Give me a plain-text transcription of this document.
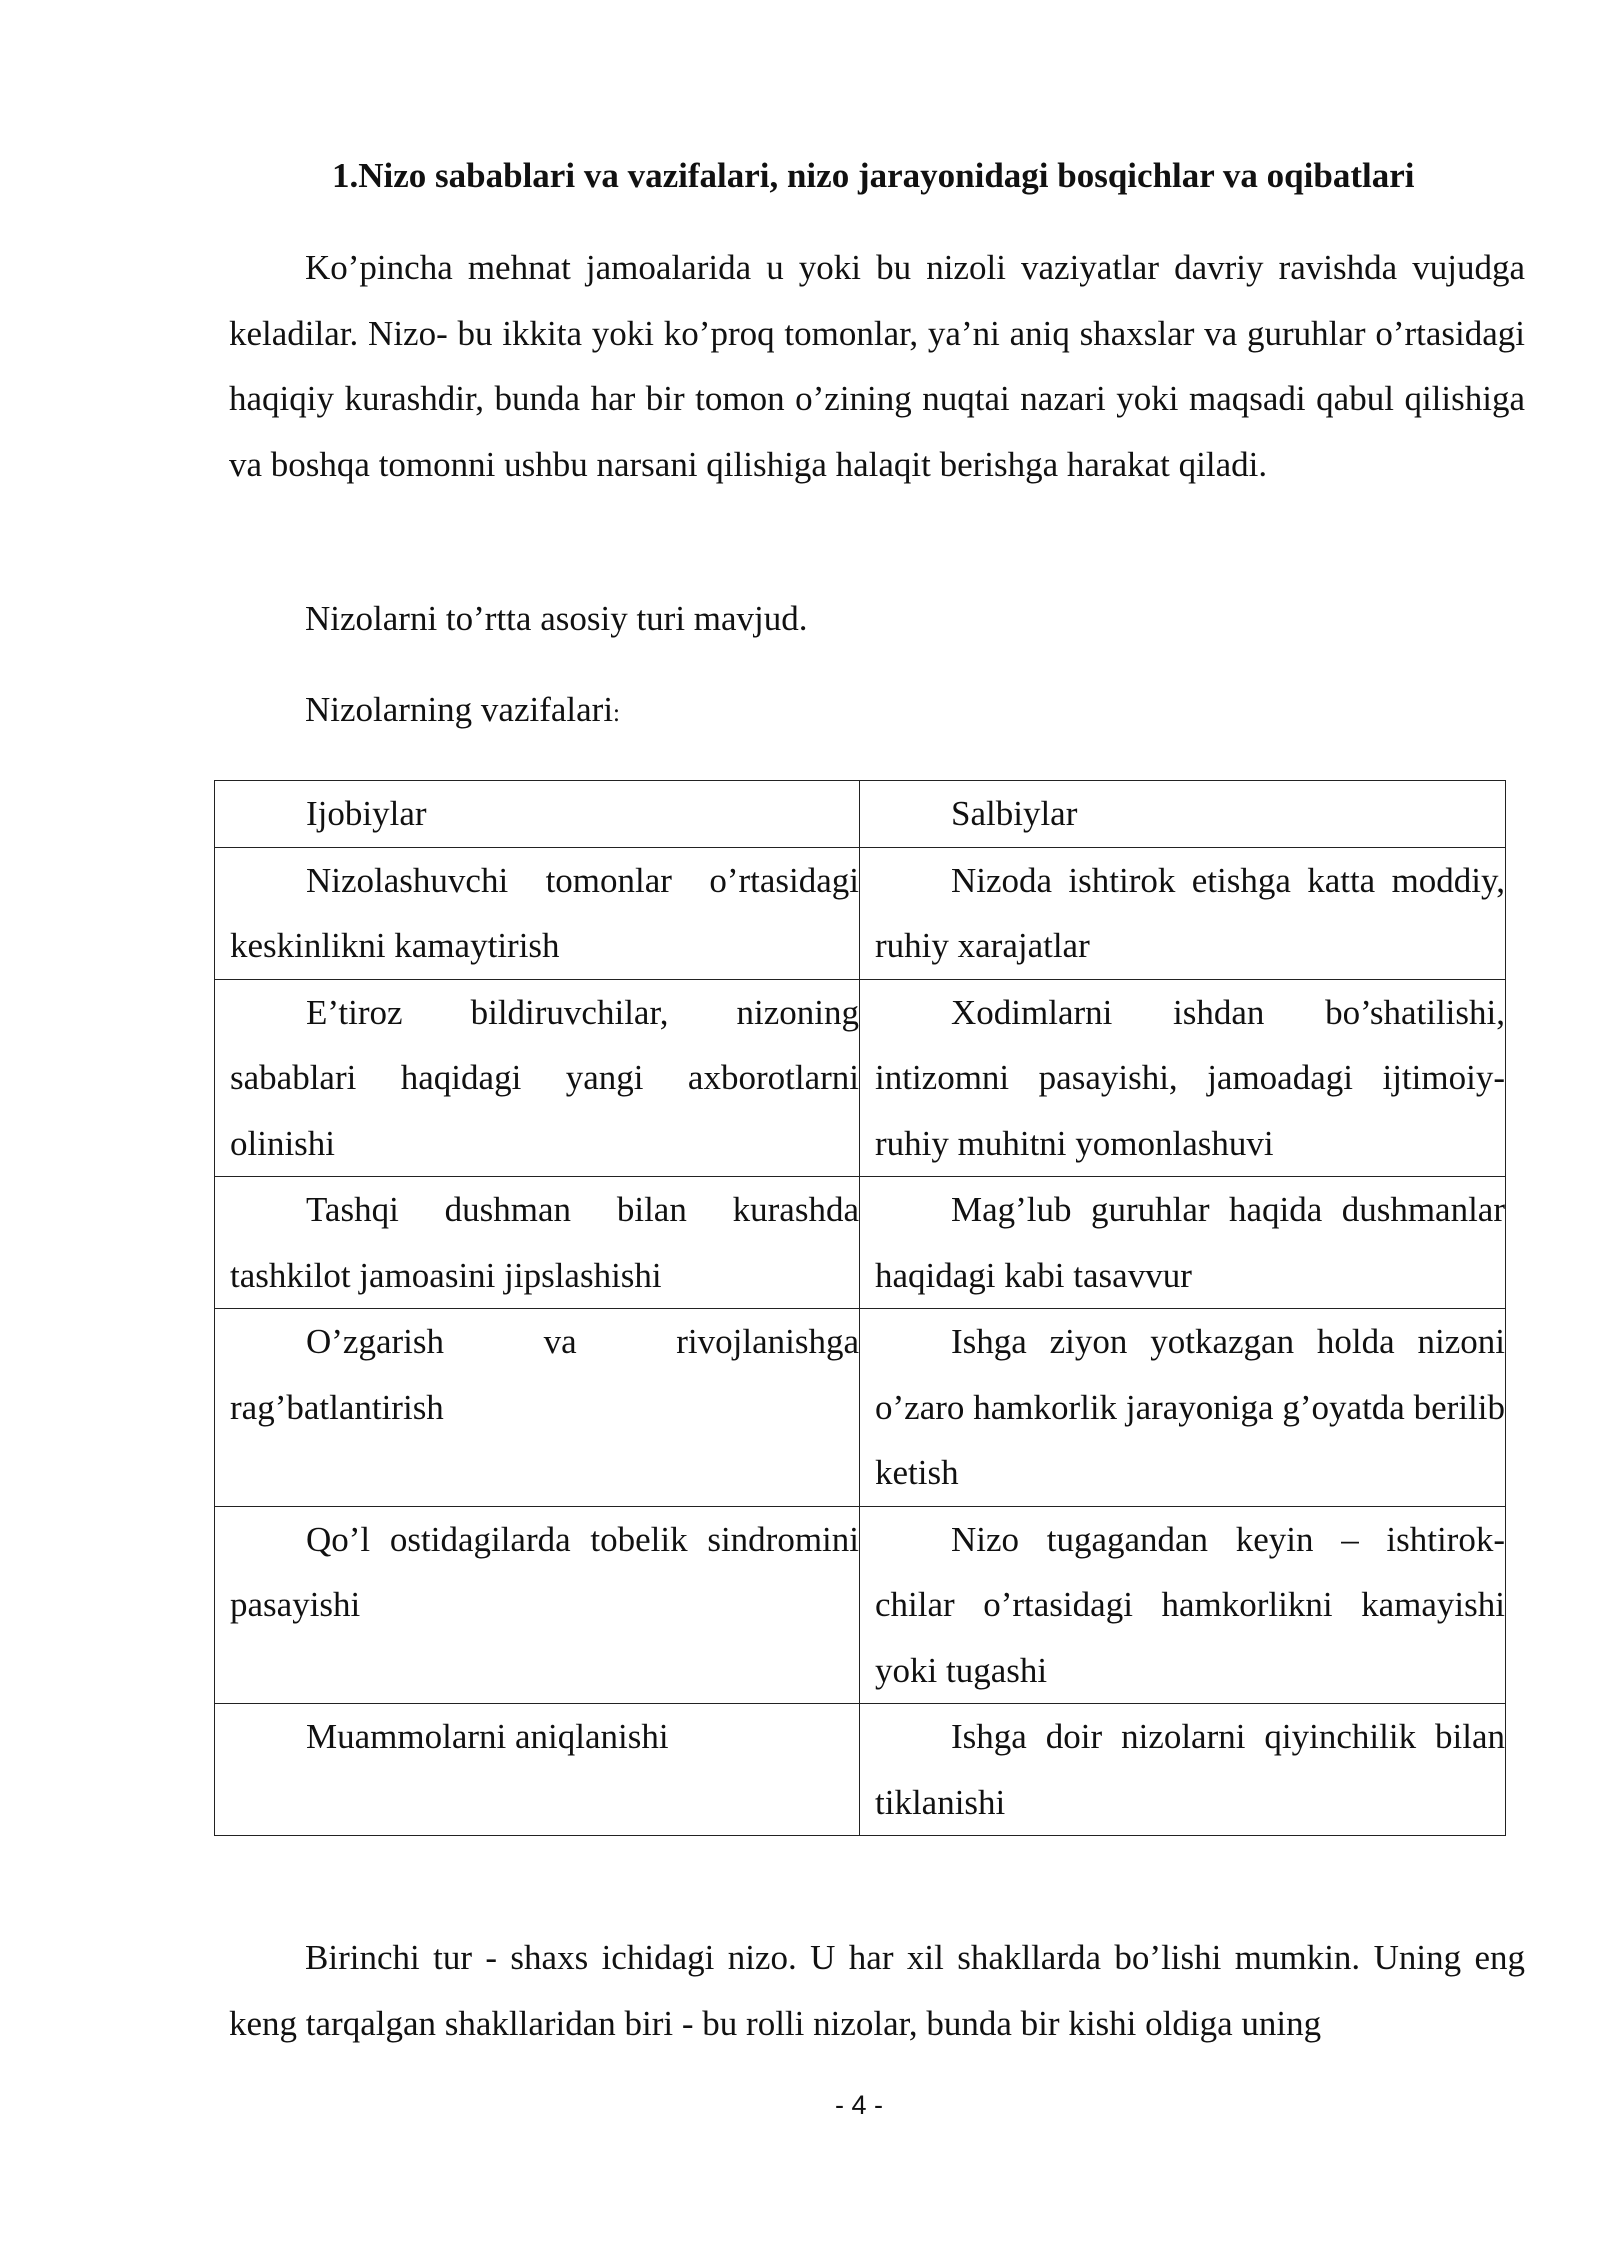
1.Nizo sabablari va vazifalari, nizo jarayonidagi bosqichlar va oqibatlari
Ko’pincha mehnat jamoalarida u yoki bu nizoli vaziyatlar davriy ravishda vujudga keladilar. Nizo- bu ikkita yoki ko’proq tomonlar, ya’ni aniq shaxslar va guruhlar o’rtasidagi haqiqiy kurashdir, bunda har bir tomon o’zining nuqtai nazari yoki maqsadi qabul qilishiga va boshqa tomonni ushbu narsani qilishiga halaqit berishga harakat qiladi.
Nizolarni to’rtta asosiy turi mavjud.
Nizolarning vazifalari:
Ijobiylar	Salbiylar
Nizolashuvchi tomonlar o’rtasidagi keskinlikni kamaytirish	Nizoda ishtirok etishga katta moddiy, ruhiy xarajatlar
E’tiroz bildiruvchilar, nizoning sabablari haqidagi yangi axborotlarni olinishi	Xodimlarni ishdan bo’shatilishi, intizomni pasayishi, jamoadagi ijtimoiy-ruhiy muhitni yomonlashuvi
Tashqi dushman bilan kurashda tashkilot jamoasini jipslashishi	Mag’lub guruhlar haqida dushmanlar haqidagi kabi tasavvur
O’zgarish va rivojlanishga rag’batlantirish	Ishga ziyon yotkazgan holda nizoni o’zaro hamkorlik jarayoniga g’oyatda berilib ketish
Qo’l ostidagilarda tobelik sindromini pasayishi	Nizo tugagandan keyin – ishtirok-chilar o’rtasidagi hamkorlikni kamayishi yoki tugashi
Muammolarni aniqlanishi	Ishga doir nizolarni qiyinchilik bilan tiklanishi
Birinchi tur - shaxs ichidagi nizo. U har xil shakllarda bo’lishi mumkin. Uning eng keng tarqalgan shakllaridan biri - bu rolli nizolar, bunda bir kishi oldiga uning
- 4 -
